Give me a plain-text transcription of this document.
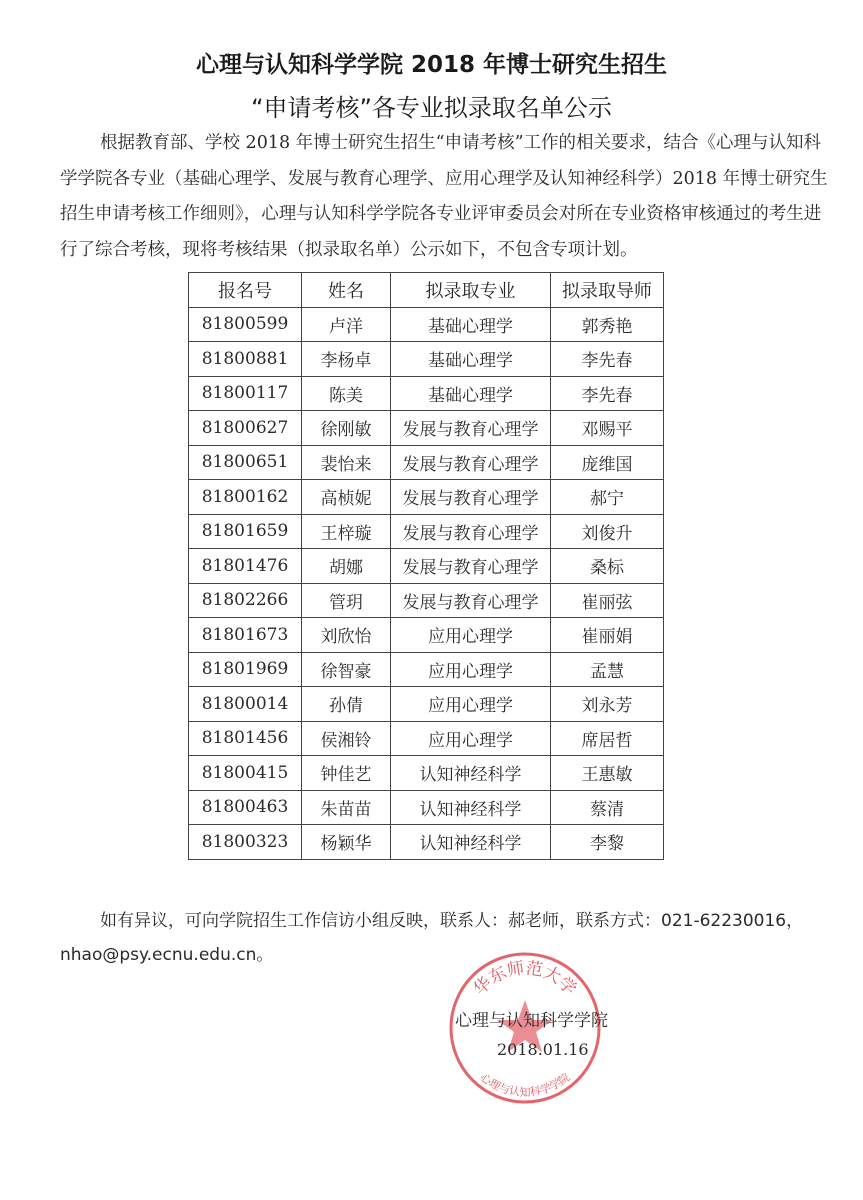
心理与认知科学学院 2018 年博士研究生招生
“申请考核”各专业拟录取名单公示
根据教育部、学校 2018 年博士研究生招生“申请考核”工作的相关要求，结合《心理与认知科
学学院各专业（基础心理学、发展与教育心理学、应用心理学及认知神经科学）2018 年博士研究生
招生申请考核工作细则》，心理与认知科学学院各专业评审委员会对所在专业资格审核通过的考生进
行了综合考核，现将考核结果（拟录取名单）公示如下，不包含专项计划。
报名号	姓名	拟录取专业	拟录取导师
81800599	卢洋	基础心理学	郭秀艳
81800881	李杨卓	基础心理学	李先春
81800117	陈美	基础心理学	李先春
81800627	徐刚敏	发展与教育心理学	邓赐平
81800651	裴怡来	发展与教育心理学	庞维国
81800162	高桢妮	发展与教育心理学	郝宁
81801659	王梓璇	发展与教育心理学	刘俊升
81801476	胡娜	发展与教育心理学	桑标
81802266	管玥	发展与教育心理学	崔丽弦
81801673	刘欣怡	应用心理学	崔丽娟
81801969	徐智豪	应用心理学	孟慧
81800014	孙倩	应用心理学	刘永芳
81801456	侯湘铃	应用心理学	席居哲
81800415	钟佳艺	认知神经科学	王惠敏
81800463	朱苗苗	认知神经科学	蔡清
81800323	杨颖华	认知神经科学	李黎
如有异议，可向学院招生工作信访小组反映，联系人：郝老师，联系方式：021-62230016，
nhao@psy.ecnu.edu.cn。
华东师范大学
心理与认知科学学院
心理与认知科学学院
2018.01.16
